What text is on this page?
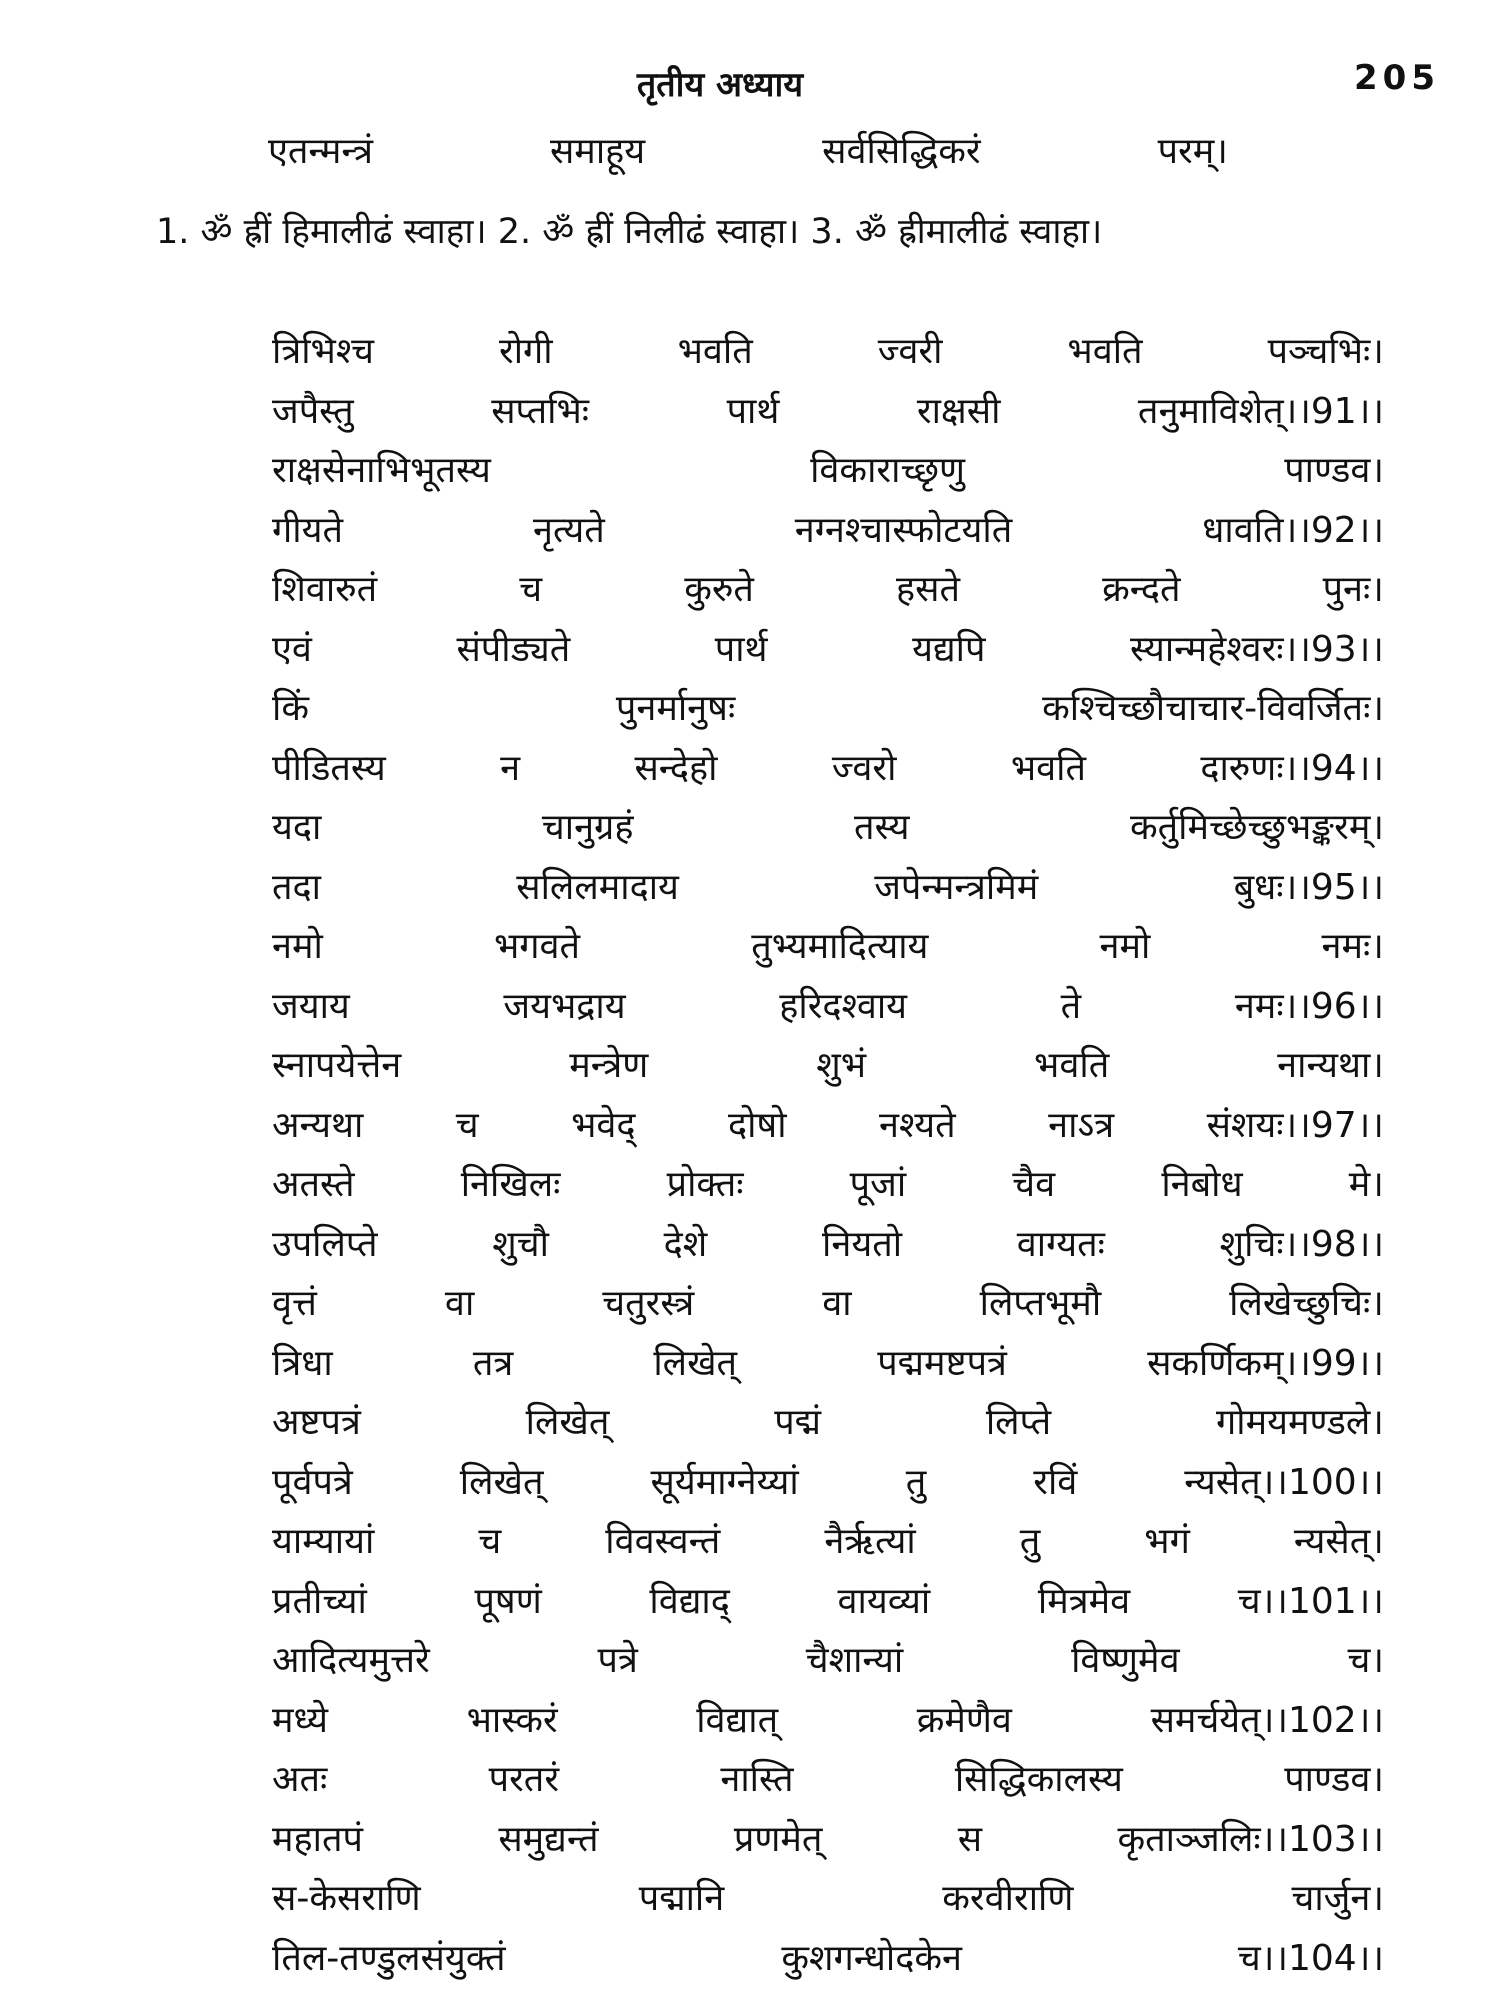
तृतीय अध्याय	205
एतन्मन्त्रं	समाहूय	सर्वसिद्धिकरं	परम्।
1. ॐ ह्रीं हिमालीढं स्वाहा। 2. ॐ ह्रीं निलीढं स्वाहा। 3. ॐ ह्रीमालीढं स्वाहा।
त्रिभिश्च	रोगी	भवति	ज्वरी	भवति	पञ्चभिः।
जपैस्तु	सप्तभिः	पार्थ	राक्षसी	तनुमाविशेत्।।91।।
राक्षसेनाभिभूतस्य	विकाराच्छृणु	पाण्डव।
गीयते	नृत्यते	नग्नश्चास्फोटयति	धावति।।92।।
शिवारुतं	च	कुरुते	हसते	क्रन्दते	पुनः।
एवं	संपीड्यते	पार्थ	यद्यपि	स्यान्महेश्वरः।।93।।
किं	पुनर्मानुषः	कश्चिच्छौचाचार-विवर्जितः।
पीडितस्य	न	सन्देहो	ज्वरो	भवति	दारुणः।।94।।
यदा	चानुग्रहं	तस्य	कर्तुमिच्छेच्छुभङ्करम्।
तदा	सलिलमादाय	जपेन्मन्त्रमिमं	बुधः।।95।।
नमो	भगवते	तुभ्यमादित्याय	नमो	नमः।
जयाय	जयभद्राय	हरिदश्वाय	ते	नमः।।96।।
स्नापयेत्तेन	मन्त्रेण	शुभं	भवति	नान्यथा।
अन्यथा	च	भवेद्	दोषो	नश्यते	नाऽत्र	संशयः।।97।।
अतस्ते	निखिलः	प्रोक्तः	पूजां	चैव	निबोध	मे।
उपलिप्ते	शुचौ	देशे	नियतो	वाग्यतः	शुचिः।।98।।
वृत्तं	वा	चतुरस्त्रं	वा	लिप्तभूमौ	लिखेच्छुचिः।
त्रिधा	तत्र	लिखेत्	पद्ममष्टपत्रं	सकर्णिकम्।।99।।
अष्टपत्रं	लिखेत्	पद्मं	लिप्ते	गोमयमण्डले।
पूर्वपत्रे	लिखेत्	सूर्यमाग्नेय्यां	तु	रविं	न्यसेत्।।100।।
याम्यायां	च	विवस्वन्तं	नैर्ऋत्यां	तु	भगं	न्यसेत्।
प्रतीच्यां	पूषणं	विद्याद्	वायव्यां	मित्रमेव	च।।101।।
आदित्यमुत्तरे	पत्रे	चैशान्यां	विष्णुमेव	च।
मध्ये	भास्करं	विद्यात्	क्रमेणैव	समर्चयेत्।।102।।
अतः	परतरं	नास्ति	सिद्धिकालस्य	पाण्डव।
महातपं	समुद्यन्तं	प्रणमेत्	स	कृताञ्जलिः।।103।।
स-केसराणि	पद्मानि	करवीराणि	चार्जुन।
तिल-तण्डुलसंयुक्तं	कुशगन्धोदकेन	च।।104।।
